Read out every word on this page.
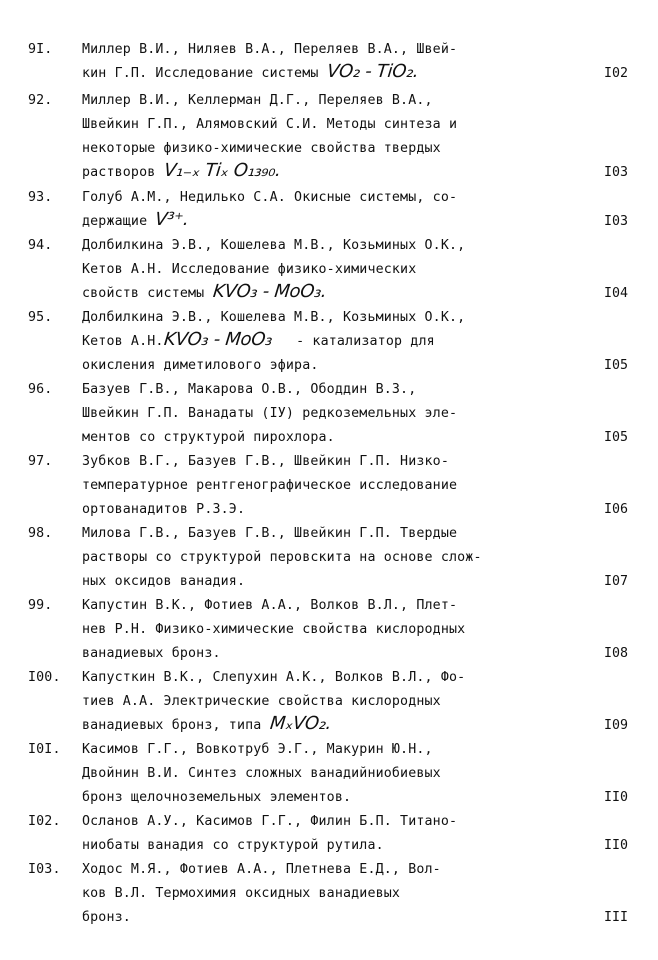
9I. Миллер В.И., Ниляев В.А., Переляев В.А., Швей-
кин Г.П. Исследование системы VO₂ - TiO₂.	I02
92. Миллер В.И., Келлерман Д.Г., Переляев В.А.,
Швейкин Г.П., Алямовский С.И. Методы синтеза и
некоторые физико-химические свойства твердых
растворов V₁₋ₓ Tiₓ O₁₃₉₀.	I03
93. Голуб А.М., Недилько С.А. Окисные системы, со-
держащие V³⁺.	I03
94. Долбилкина Э.В., Кошелева М.В., Козьминых О.К.,
Кетов А.Н. Исследование физико-химических
свойств системы KVO₃ - MoO₃.	I04
95. Долбилкина Э.В., Кошелева М.В., Козьминых О.К.,
Кетов А.Н.KVO₃ - MoO₃   - катализатор для
окисления диметилового эфира.	I05
96. Базуев Г.В., Макарова О.В., Ободдин В.З.,
Швейкин Г.П. Ванадаты (IУ) редкоземельных эле-
ментов со структурой пирохлора.	I05
97. Зубков В.Г., Базуев Г.В., Швейкин Г.П. Низко-
температурное рентгенографическое исследование
ортованадитов Р.З.Э.	I06
98. Милова Г.В., Базуев Г.В., Швейкин Г.П. Твердые
растворы со структурой перовскита на основе слож-
ных оксидов ванадия.	I07
99. Капустин В.К., Фотиев А.А., Волков В.Л., Плет-
нев Р.Н. Физико-химические свойства кислородных
ванадиевых бронз.	I08
I00. Капусткин В.К., Слепухин А.К., Волков В.Л., Фо-
тиев А.А. Электрические свойства кислородных
ванадиевых бронз, типа MₓVO₂.	I09
I0I. Касимов Г.Г., Вовкотруб Э.Г., Макурин Ю.Н.,
Двойнин В.И. Синтез сложных ванадийниобиевых
бронз щелочноземельных элементов.	II0
I02. Осланов А.У., Касимов Г.Г., Филин Б.П. Титано-
ниобаты ванадия со структурой рутила.	II0
I03. Ходос М.Я., Фотиев А.А., Плетнева Е.Д., Вол-
ков В.Л. Термохимия оксидных ванадиевых
бронз.	III
